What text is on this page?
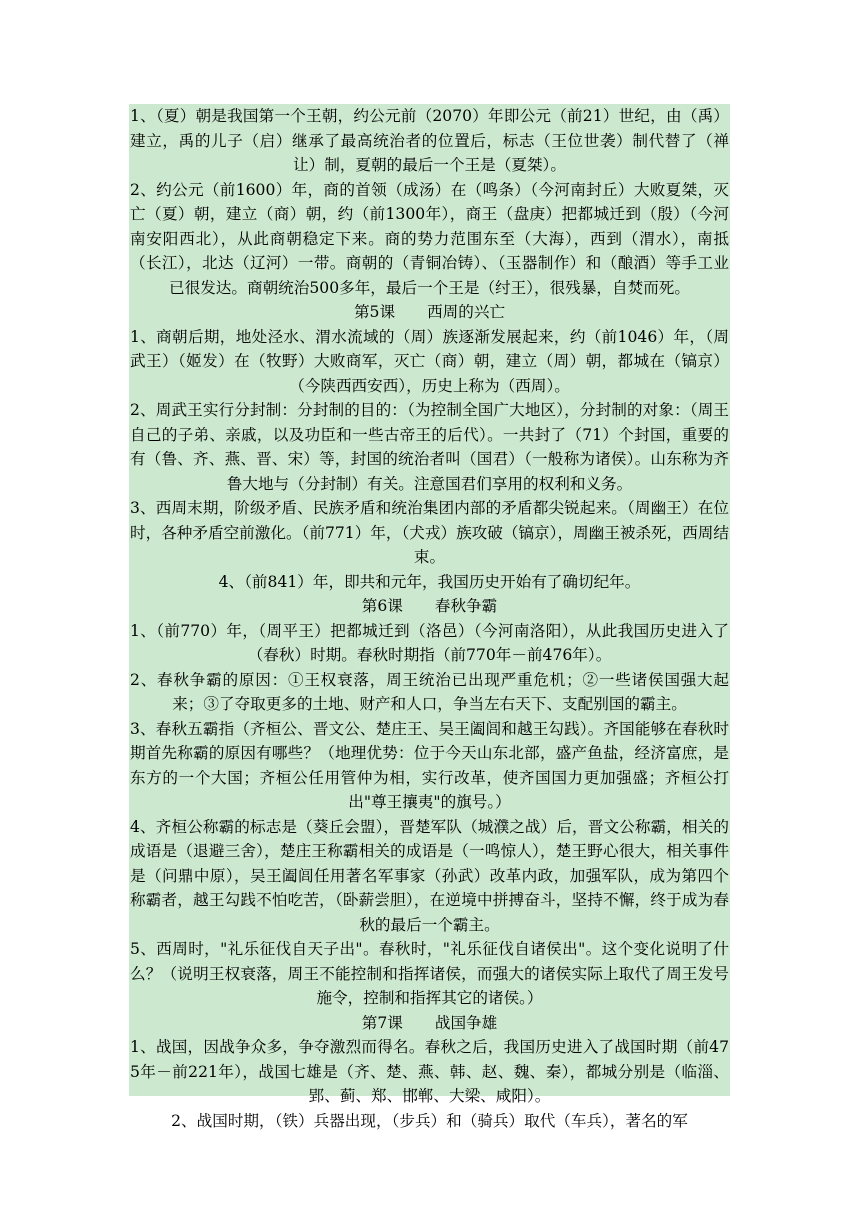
1、（夏）朝是我国第一个王朝，约公元前（2070）年即公元（前21）世纪，由（禹）建立，禹的儿子（启）继承了最高统治者的位置后，标志（王位世袭）制代替了（禅让）制，夏朝的最后一个王是（夏桀）。

2、约公元（前1600）年，商的首领（成汤）在（鸣条）（今河南封丘）大败夏桀，灭亡（夏）朝，建立（商）朝，约（前1300年），商王（盘庚）把都城迁到（殷）（今河南安阳西北），从此商朝稳定下来。商的势力范围东至（大海），西到（渭水），南抵（长江），北达（辽河）一带。商朝的（青铜冶铸）、（玉器制作）和（酿酒）等手工业已很发达。商朝统治500多年，最后一个王是（纣王），很残暴，自焚而死。

第5课 西周的兴亡

1、商朝后期，地处泾水、渭水流域的（周）族逐渐发展起来，约（前1046）年，（周武王）（姬发）在（牧野）大败商军，灭亡（商）朝，建立（周）朝，都城在（镐京）（今陕西西安西），历史上称为（西周）。

2、周武王实行分封制：分封制的目的：（为控制全国广大地区），分封制的对象：（周王自己的子弟、亲戚，以及功臣和一些古帝王的后代）。一共封了（71）个封国，重要的有（鲁、齐、燕、晋、宋）等，封国的统治者叫（国君）（一般称为诸侯）。山东称为齐鲁大地与（分封制）有关。注意国君们享用的权利和义务。

3、西周末期，阶级矛盾、民族矛盾和统治集团内部的矛盾都尖锐起来。（周幽王）在位时，各种矛盾空前激化。（前771）年，（犬戎）族攻破（镐京），周幽王被杀死，西周结束。

4、（前841）年，即共和元年，我国历史开始有了确切纪年。

第6课 春秋争霸

1、（前770）年，（周平王）把都城迁到（洛邑）（今河南洛阳），从此我国历史进入了（春秋）时期。春秋时期指（前770年－前476年）。

2、春秋争霸的原因：①王权衰落，周王统治已出现严重危机；②一些诸侯国强大起来；③了夺取更多的土地、财产和人口，争当左右天下、支配别国的霸主。

3、春秋五霸指（齐桓公、晋文公、楚庄王、吴王阖闾和越王勾践）。齐国能够在春秋时期首先称霸的原因有哪些？（地理优势：位于今天山东北部，盛产鱼盐，经济富庶，是东方的一个大国；齐桓公任用管仲为相，实行改革，使齐国国力更加强盛；齐桓公打出"尊王攘夷"的旗号。）

4、齐桓公称霸的标志是（葵丘会盟），晋楚军队（城濮之战）后，晋文公称霸，相关的成语是（退避三舍），楚庄王称霸相关的成语是（一鸣惊人），楚王野心很大，相关事件是（问鼎中原），吴王阖闾任用著名军事家（孙武）改革内政，加强军队，成为第四个称霸者，越王勾践不怕吃苦，（卧薪尝胆），在逆境中拼搏奋斗，坚持不懈，终于成为春秋的最后一个霸主。

5、西周时，"礼乐征伐自天子出"。春秋时，"礼乐征伐自诸侯出"。这个变化说明了什么？（说明王权衰落，周王不能控制和指挥诸侯，而强大的诸侯实际上取代了周王发号施令，控制和指挥其它的诸侯。）

第7课 战国争雄

1、战国，因战争众多，争夺激烈而得名。春秋之后，我国历史进入了战国时期（前475年－前221年），战国七雄是（齐、楚、燕、韩、赵、魏、秦），都城分别是（临淄、郢、蓟、郑、邯郸、大梁、咸阳）。

2、战国时期，（铁）兵器出现，（步兵）和（骑兵）取代（车兵），著名的军
